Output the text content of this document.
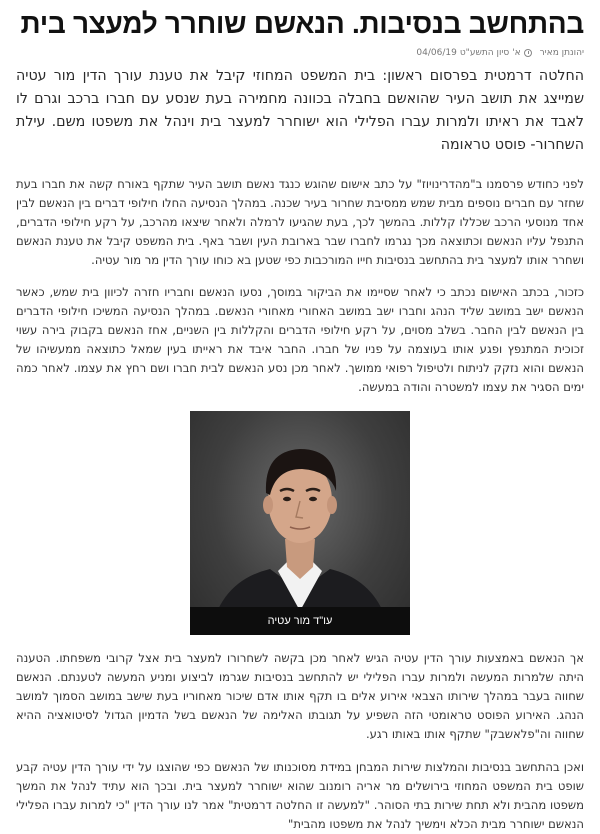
בהתחשב בנסיבות. הנאשם שוחרר למעצר בית
יהונתן מאיר
א' סיון התשע"ט
04/06/19

החלטה דרמטית בפרסום ראשון: בית המשפט המחוזי קיבל את טענת עורך הדין מור עטיה שמייצג את תושב העיר שהואשם בחבלה בכוונה מחמירה בעת שנסע עם חברו ברכב וגרם לו לאבד את ראיתו ולמרות עברו הפלילי הוא ישוחרר למעצר בית וינהל את משפטו משם. עילת השחרור- פוסט טראומה

לפני כחודש פרסמנו ב"מהדרינויוז" על כתב אישום שהוגש כנגד נאשם תושב העיר שתקף באורח קשה את חברו בעת שחזר עם חברים נוספים מבית שמש ממסיבת שחרור בעיר שכנה. במהלך הנסיעה החלו חילופי דברים בין הנאשם לבין אחד מנוסעי הרכב שכללו קללות. בהמשך לכך, בעת שהגיעו לרמלה ולאחר שיצאו מהרכב, על רקע חילופי הדברים, התנפל עליו הנאשם וכתוצאה מכך נגרמו לחברו שבר בארובת העין ושבר באף. בית המשפט קיבל את טענת הנאשם ושחרר אותו למעצר בית בהתחשב בנסיבות חייו המורכבות כפי שטען בא כוחו עורך הדין מר מור עטיה.

כזכור, בכתב האישום נכתב כי לאחר שסיימו את הביקור במוסך, נסעו הנאשם וחבריו חזרה לכיוון בית שמש, כאשר הנאשם ישב במושב שליד הנהג וחברו ישב במושב האחורי מאחורי הנאשם. במהלך הנסיעה המשיכו חילופי הדברים בין הנאשם לבין החבר. בשלב מסוים, על רקע חילופי הדברים והקללות בין השניים, אחז הנאשם בקבוק בירה עשוי זכוכית המתנפץ ופגע אותו בעוצמה על פניו של חברו. החבר איבד את ראייתו בעין שמאל כתוצאה ממעשיהו של הנאשם והוא נזקק לניתוח ולטיפול רפואי ממושך. לאחר מכן נסע הנאשם לבית חברו ושם רחץ את עצמו. לאחר כמה ימים הסגיר את עצמו למשטרה והודה במעשה.

עו"ד מור עטיה

אך הנאשם באמצעות עורך הדין עטיה הגיש לאחר מכן בקשה לשחרורו למעצר בית אצל קרובי משפחתו. הטענה היתה שלמרות המעשה ולמרות עברו הפלילי יש להתחשב בנסיבות שגרמו לביצוע ומניע המעשה לטענתם. הנאשם שחווה בעבר במהלך שירותו הצבאי אירוע אלים בו תקף אותו אדם שיכור מאחוריו בעת שישב במושב הסמוך למושב הנהג. האירוע הפוסט טראומטי הזה השפיע על תגובתו האלימה של הנאשם בשל הדמיון הגדול לסיטואציה ההיא שחווה וה"פלאשבק" שתקף אותו באותו רגע.

ואכן בהתחשב בנסיבות והמלצות שירות המבחן במידת מסוכנותו של הנאשם כפי שהוצגו על ידי עורך הדין עטיה קבע שופט בית המשפט המחוזי בירושלים מר אריה רומנוב שהוא ישוחרר למעצר בית. ובכך הוא עתיד לנהל את המשך משפטו מהבית ולא תחת שירות בתי הסוהר. "למעשה זו החלטה דרמטית" אמר לנו עורך הדין "כי למרות עברו הפלילי הנאשם ישוחרר מבית הכלא וימשיך לנהל את משפטו מהבית"
